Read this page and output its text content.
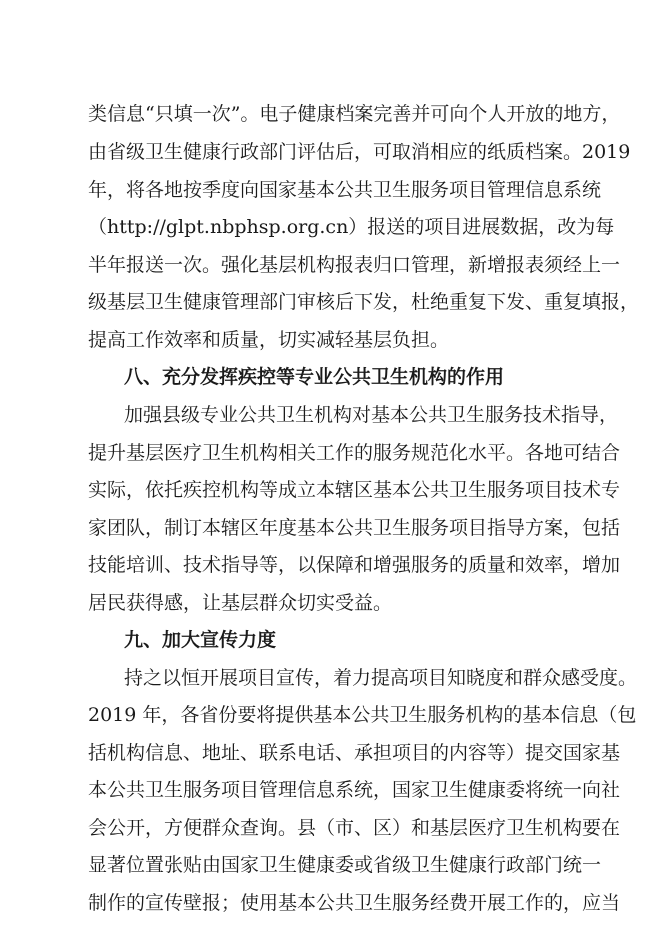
类信息“只填一次”。电子健康档案完善并可向个人开放的地方，
由省级卫生健康行政部门评估后，可取消相应的纸质档案。2019
年，将各地按季度向国家基本公共卫生服务项目管理信息系统
（http://glpt.nbphsp.org.cn）报送的项目进展数据，改为每
半年报送一次。强化基层机构报表归口管理，新增报表须经上一
级基层卫生健康管理部门审核后下发，杜绝重复下发、重复填报，
提高工作效率和质量，切实减轻基层负担。
八、充分发挥疾控等专业公共卫生机构的作用
加强县级专业公共卫生机构对基本公共卫生服务技术指导，
提升基层医疗卫生机构相关工作的服务规范化水平。各地可结合
实际，依托疾控机构等成立本辖区基本公共卫生服务项目技术专
家团队，制订本辖区年度基本公共卫生服务项目指导方案，包括
技能培训、技术指导等，以保障和增强服务的质量和效率，增加
居民获得感，让基层群众切实受益。
九、加大宣传力度
持之以恒开展项目宣传，着力提高项目知晓度和群众感受度。
2019 年，各省份要将提供基本公共卫生服务机构的基本信息（包
括机构信息、地址、联系电话、承担项目的内容等）提交国家基
本公共卫生服务项目管理信息系统，国家卫生健康委将统一向社
会公开，方便群众查询。县（市、区）和基层医疗卫生机构要在
显著位置张贴由国家卫生健康委或省级卫生健康行政部门统一
制作的宣传壁报；使用基本公共卫生服务经费开展工作的，应当
